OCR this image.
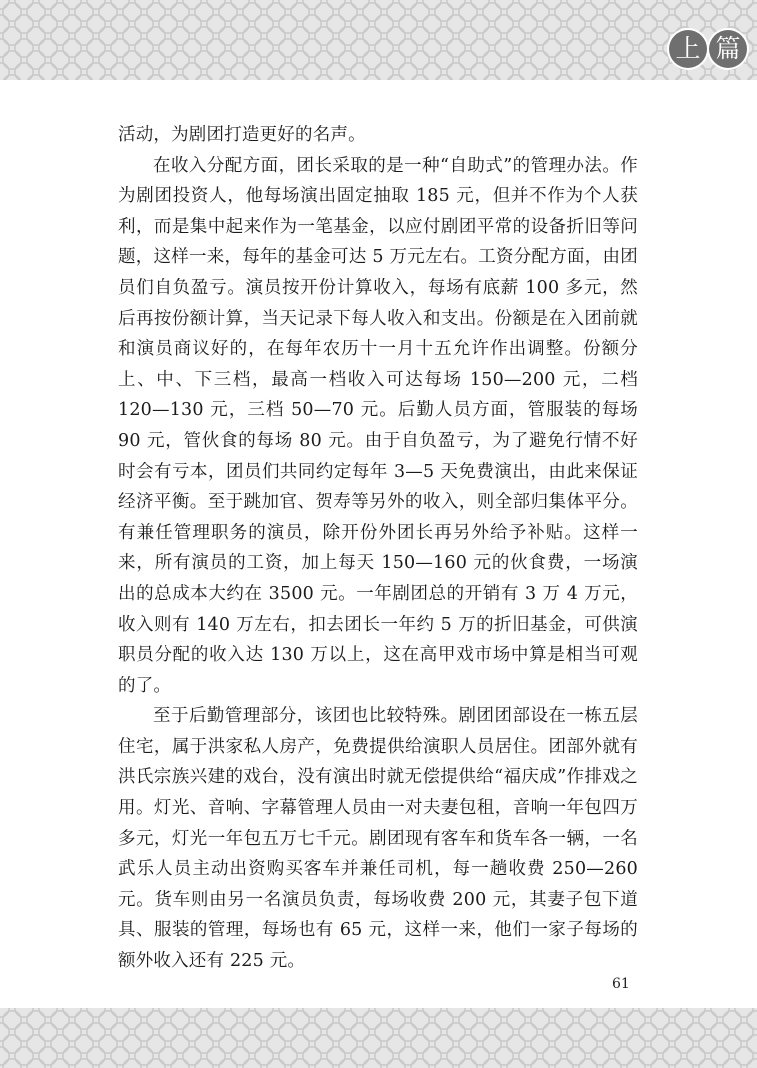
上 篇

活动，为剧团打造更好的名声。

在收入分配方面，团长采取的是一种“自助式”的管理办法。作为剧团投资人，他每场演出固定抽取 185 元，但并不作为个人获利，而是集中起来作为一笔基金，以应付剧团平常的设备折旧等问题，这样一来，每年的基金可达 5 万元左右。工资分配方面，由团员们自负盈亏。演员按开份计算收入，每场有底薪 100 多元，然后再按份额计算，当天记录下每人收入和支出。份额是在入团前就和演员商议好的，在每年农历十一月十五允许作出调整。份额分上、中、下三档，最高一档收入可达每场 150—200 元，二档 120—130 元，三档 50—70 元。后勤人员方面，管服装的每场 90 元，管伙食的每场 80 元。由于自负盈亏，为了避免行情不好时会有亏本，团员们共同约定每年 3—5 天免费演出，由此来保证经济平衡。至于跳加官、贺寿等另外的收入，则全部归集体平分。有兼任管理职务的演员，除开份外团长再另外给予补贴。这样一来，所有演员的工资，加上每天 150—160 元的伙食费，一场演出的总成本大约在 3500 元。一年剧团总的开销有 3 万 4 万元，收入则有 140 万左右，扣去团长一年约 5 万的折旧基金，可供演职员分配的收入达 130 万以上，这在高甲戏市场中算是相当可观的了。

至于后勤管理部分，该团也比较特殊。剧团团部设在一栋五层住宅，属于洪家私人房产，免费提供给演职人员居住。团部外就有洪氏宗族兴建的戏台，没有演出时就无偿提供给“福庆成”作排戏之用。灯光、音响、字幕管理人员由一对夫妻包租，音响一年包四万多元，灯光一年包五万七千元。剧团现有客车和货车各一辆，一名武乐人员主动出资购买客车并兼任司机，每一趟收费 250—260 元。货车则由另一名演员负责，每场收费 200 元，其妻子包下道具、服装的管理，每场也有 65 元，这样一来，他们一家子每场的额外收入还有 225 元。

61
